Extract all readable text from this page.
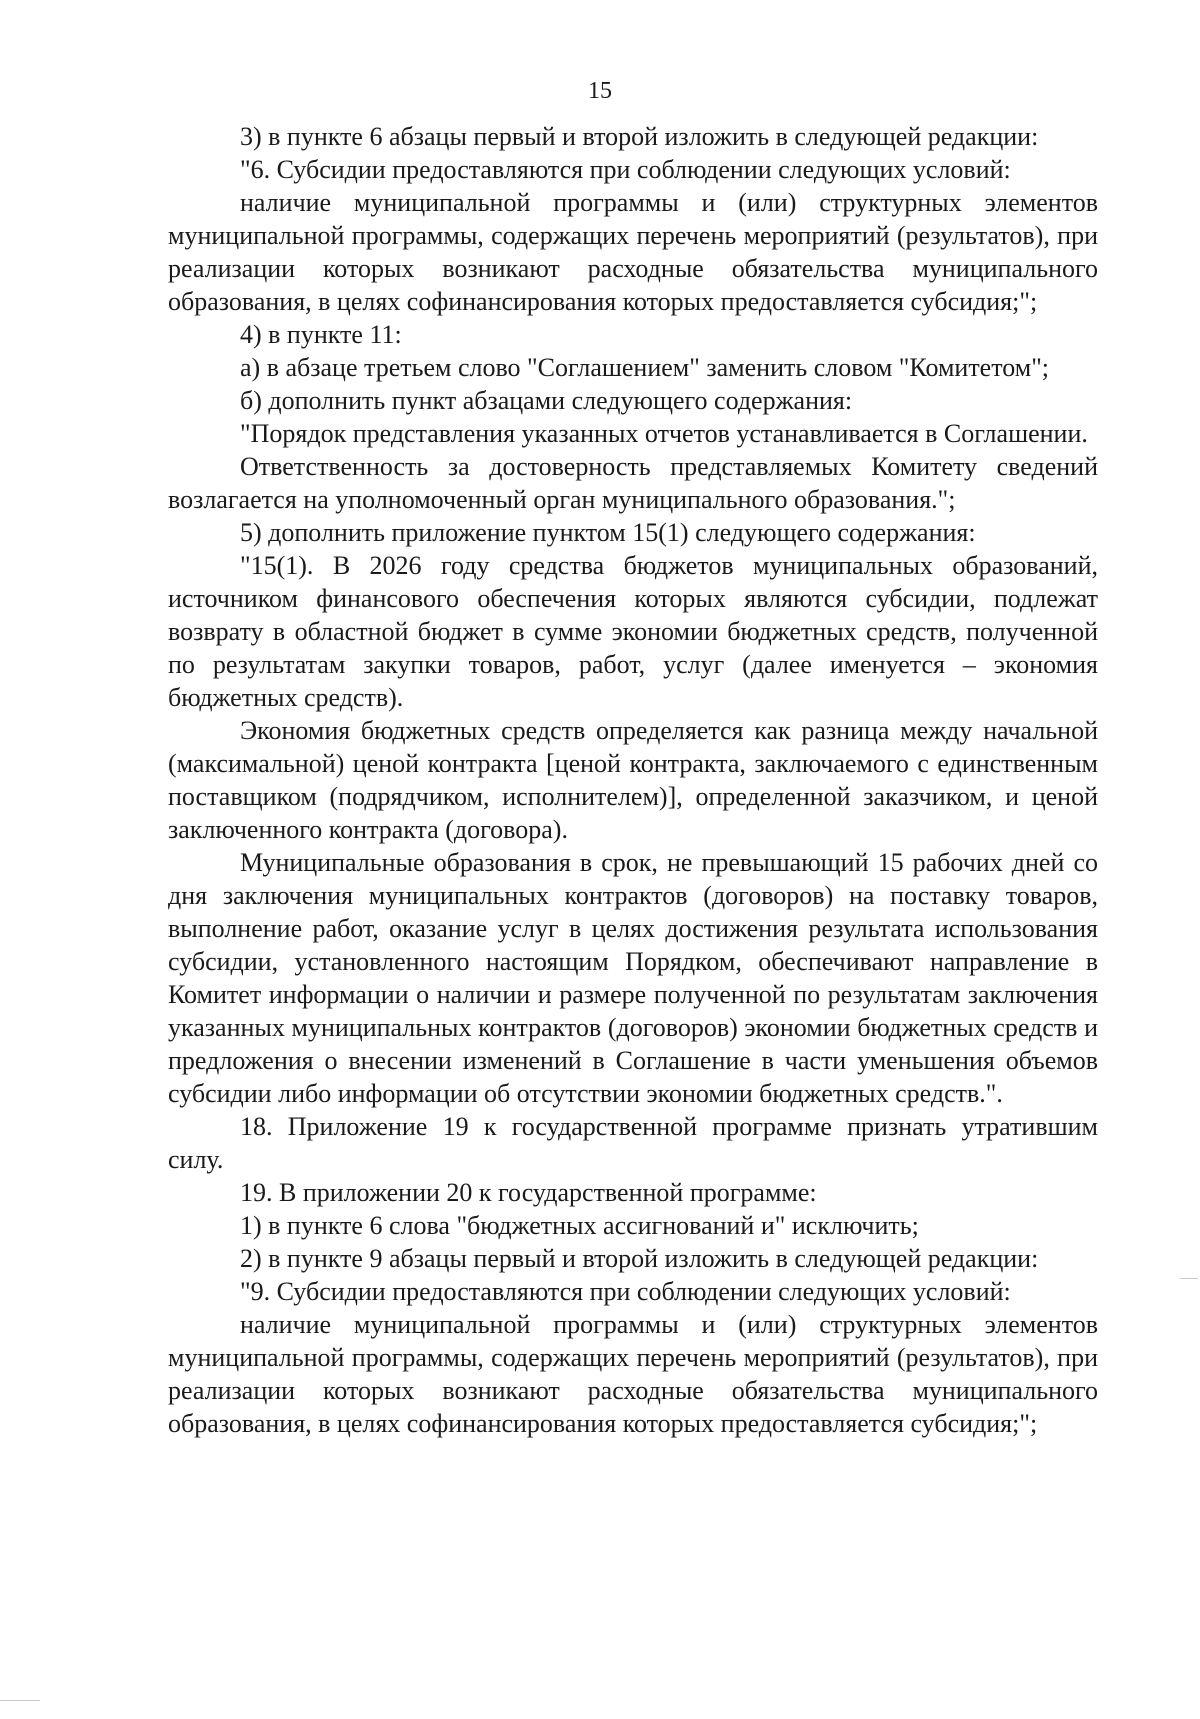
15

3) в пункте 6 абзацы первый и второй изложить в следующей редакции:

"6. Субсидии предоставляются при соблюдении следующих условий:

наличие муниципальной программы и (или) структурных элементов муниципальной программы, содержащих перечень мероприятий (результатов), при реализации которых возникают расходные обязательства муниципального образования, в целях софинансирования которых предоставляется субсидия;";

4) в пункте 11:

а) в абзаце третьем слово "Соглашением" заменить словом "Комитетом";

б) дополнить пункт абзацами следующего содержания:

"Порядок представления указанных отчетов устанавливается в Соглашении.

Ответственность за достоверность представляемых Комитету сведений возлагается на уполномоченный орган муниципального образования.";

5) дополнить приложение пунктом 15(1) следующего содержания:

"15(1). В 2026 году средства бюджетов муниципальных образований, источником финансового обеспечения которых являются субсидии, подлежат возврату в областной бюджет в сумме экономии бюджетных средств, полученной по результатам закупки товаров, работ, услуг (далее именуется – экономия бюджетных средств).

Экономия бюджетных средств определяется как разница между начальной (максимальной) ценой контракта [ценой контракта, заключаемого с единственным поставщиком (подрядчиком, исполнителем)], определенной заказчиком, и ценой заключенного контракта (договора).

Муниципальные образования в срок, не превышающий 15 рабочих дней со дня заключения муниципальных контрактов (договоров) на поставку товаров, выполнение работ, оказание услуг в целях достижения результата использования субсидии, установленного настоящим Порядком, обеспечивают направление в Комитет информации о наличии и размере полученной по результатам заключения указанных муниципальных контрактов (договоров) экономии бюджетных средств и предложения о внесении изменений в Соглашение в части уменьшения объемов субсидии либо информации об отсутствии экономии бюджетных средств.".

18. Приложение 19 к государственной программе признать утратившим силу.

19. В приложении 20 к государственной программе:

1) в пункте 6 слова "бюджетных ассигнований и" исключить;

2) в пункте 9 абзацы первый и второй изложить в следующей редакции:

"9. Субсидии предоставляются при соблюдении следующих условий:

наличие муниципальной программы и (или) структурных элементов муниципальной программы, содержащих перечень мероприятий (результатов), при реализации которых возникают расходные обязательства муниципального образования, в целях софинансирования которых предоставляется субсидия;";
